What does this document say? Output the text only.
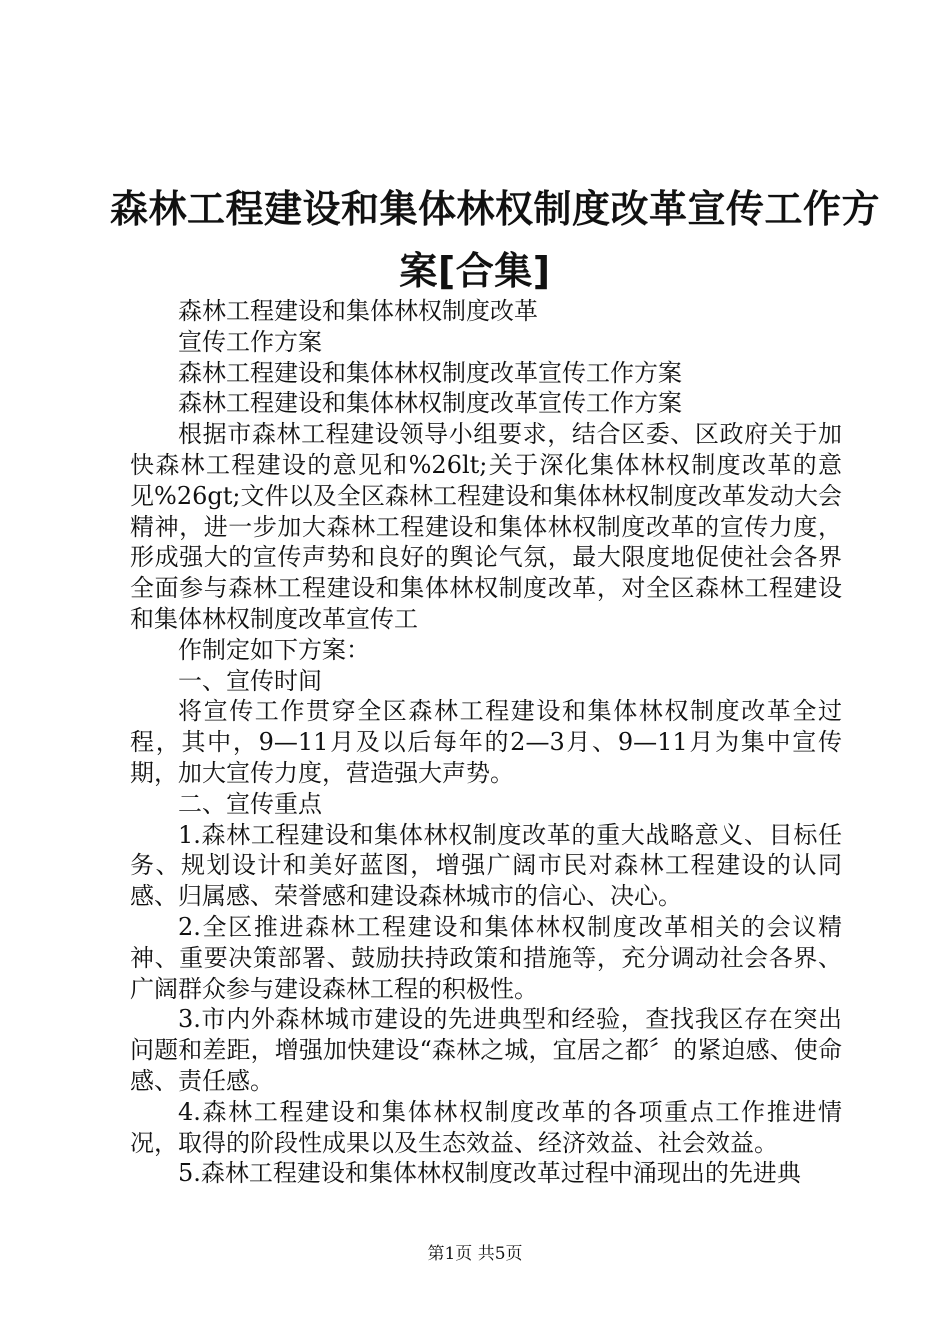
森林工程建设和集体林权制度改革宣传工作方
案[合集]

森林工程建设和集体林权制度改革

宣传工作方案

森林工程建设和集体林权制度改革宣传工作方案

森林工程建设和集体林权制度改革宣传工作方案

根据市森林工程建设领导小组要求，结合区委、区政府关于加快森林工程建设的意见和%26lt;关于深化集体林权制度改革的意见%26gt;文件以及全区森林工程建设和集体林权制度改革发动大会精神，进一步加大森林工程建设和集体林权制度改革的宣传力度，形成强大的宣传声势和良好的舆论气氛，最大限度地促使社会各界全面参与森林工程建设和集体林权制度改革，对全区森林工程建设和集体林权制度改革宣传工

作制定如下方案：

一、宣传时间

将宣传工作贯穿全区森林工程建设和集体林权制度改革全过程，其中，9—11月及以后每年的2—3月、9—11月为集中宣传期，加大宣传力度，营造强大声势。

二、宣传重点

1.森林工程建设和集体林权制度改革的重大战略意义、目标任务、规划设计和美好蓝图，增强广阔市民对森林工程建设的认同感、归属感、荣誉感和建设森林城市的信心、决心。

2.全区推进森林工程建设和集体林权制度改革相关的会议精神、重要决策部署、鼓励扶持政策和措施等，充分调动社会各界、广阔群众参与建设森林工程的积极性。

3.市内外森林城市建设的先进典型和经验，查找我区存在突出问题和差距，增强加快建设“森林之城，宜居之都〞的紧迫感、使命感、责任感。

4.森林工程建设和集体林权制度改革的各项重点工作推进情况，取得的阶段性成果以及生态效益、经济效益、社会效益。

5.森林工程建设和集体林权制度改革过程中涌现出的先进典

第1页 共5页
